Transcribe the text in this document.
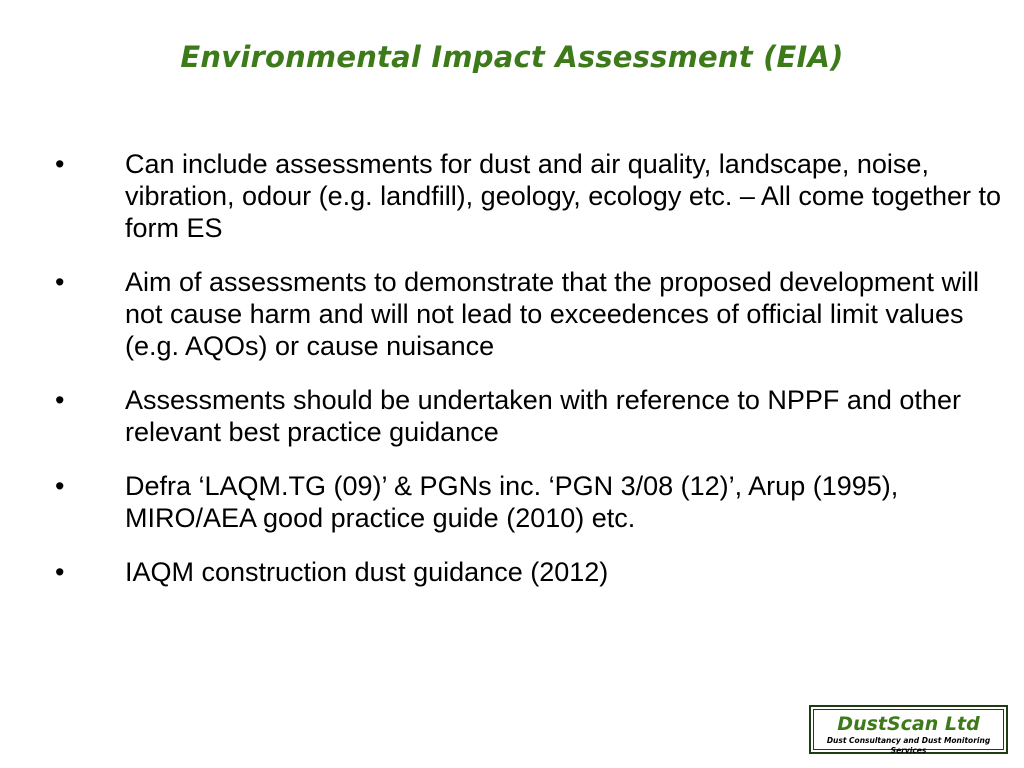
Environmental Impact Assessment (EIA)
•	Can include assessments for dust and air quality, landscape, noise, vibration, odour (e.g. landfill), geology, ecology etc. – All come together to form ES
•	Aim of assessments to demonstrate that the proposed development will not cause harm and will not lead to exceedences of official limit values (e.g. AQOs) or cause nuisance
•	Assessments should be undertaken with reference to NPPF and other relevant best practice guidance
•	Defra ‘LAQM.TG (09)’ & PGNs inc. ‘PGN 3/08 (12)’, Arup (1995), MIRO/AEA good practice guide (2010) etc.
•	IAQM construction dust guidance (2012)
DustScan Ltd
Dust Consultancy and Dust Monitoring Services
